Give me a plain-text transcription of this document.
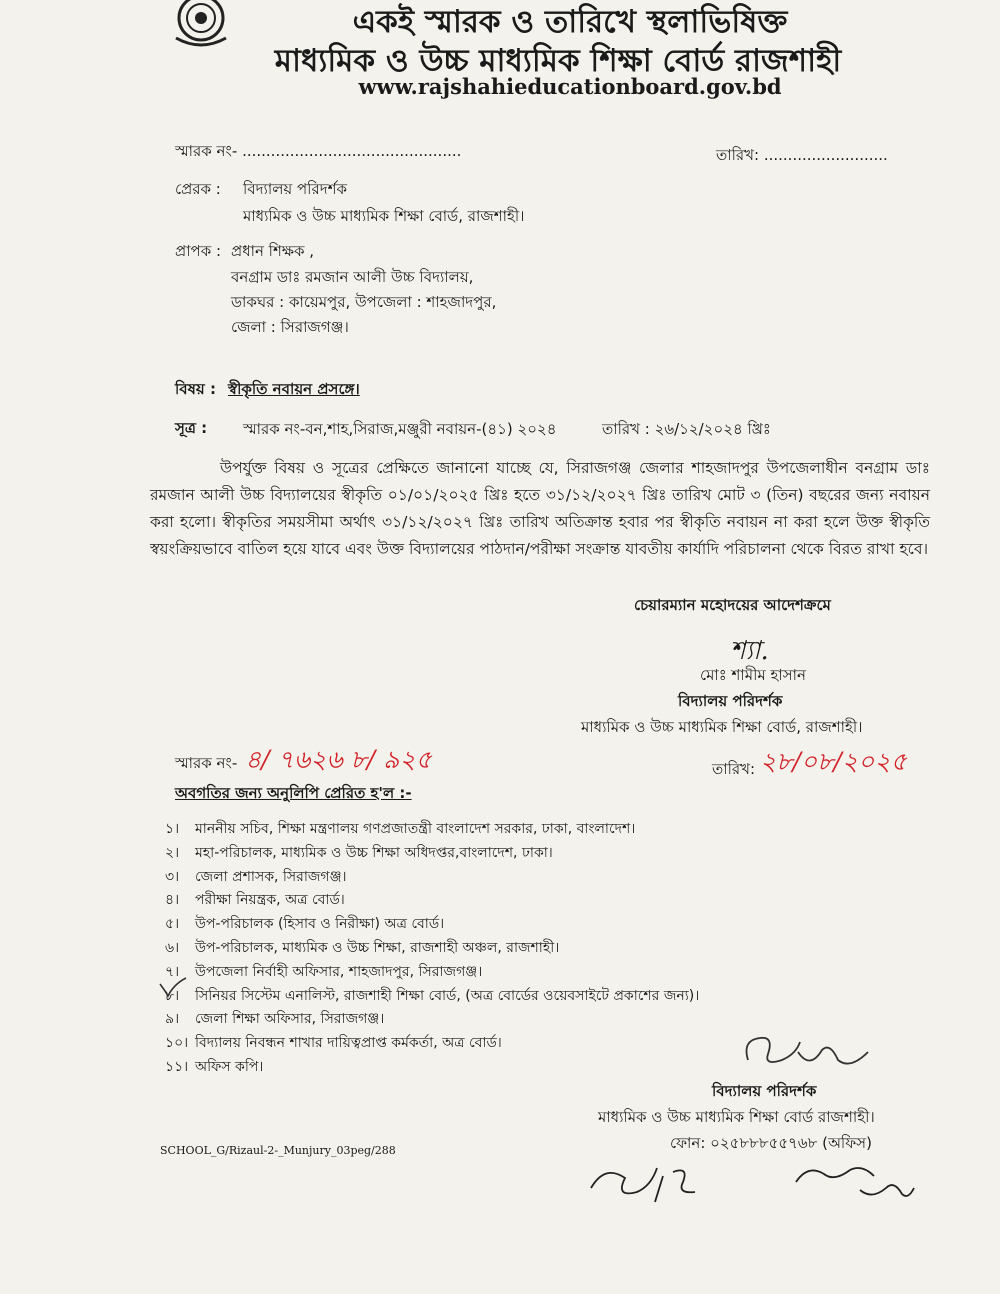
একই স্মারক ও তারিখে স্থলাভিষিক্ত
মাধ্যমিক ও উচ্চ মাধ্যমিক শিক্ষা বোর্ড রাজশাহী
www.rajshahieducationboard.gov.bd
স্মারক নং- ..............................................	তারিখ: ..........................
প্রেরক : বিদ্যালয় পরিদর্শক
মাধ্যমিক ও উচ্চ মাধ্যমিক শিক্ষা বোর্ড, রাজশাহী।
প্রাপক : প্রধান শিক্ষক ,
বনগ্রাম ডাঃ রমজান আলী উচ্চ বিদ্যালয়,
ডাকঘর : কায়েমপুর, উপজেলা : শাহজাদপুর,
জেলা : সিরাজগঞ্জ।
বিষয় : স্বীকৃতি নবায়ন প্রসঙ্গে।
সূত্র : স্মারক নং-বন,শাহ,সিরাজ,মঞ্জুরী নবায়ন-(৪১) ২০২৪	তারিখ : ২৬/১২/২০২৪ খ্রিঃ
উপর্যুক্ত বিষয় ও সূত্রের প্রেক্ষিতে জানানো যাচ্ছে যে, সিরাজগঞ্জ জেলার শাহজাদপুর উপজেলাধীন বনগ্রাম ডাঃ রমজান আলী উচ্চ বিদ্যালয়ের স্বীকৃতি ০১/০১/২০২৫ খ্রিঃ হতে ৩১/১২/২০২৭ খ্রিঃ তারিখ মোট ৩ (তিন) বছরের জন্য নবায়ন করা হলো। স্বীকৃতির সময়সীমা অর্থাৎ ৩১/১২/২০২৭ খ্রিঃ তারিখ অতিক্রান্ত হবার পর স্বীকৃতি নবায়ন না করা হলে উক্ত স্বীকৃতি স্বয়ংক্রিয়ভাবে বাতিল হয়ে যাবে এবং উক্ত বিদ্যালয়ের পাঠদান/পরীক্ষা সংক্রান্ত যাবতীয় কার্যাদি পরিচালনা থেকে বিরত রাখা হবে।
চেয়ারম্যান মহোদয়ের আদেশক্রমে
শ্যা.
মোঃ শামীম হাসান
বিদ্যালয় পরিদর্শক
মাধ্যমিক ও উচ্চ মাধ্যমিক শিক্ষা বোর্ড, রাজশাহী।
স্মারক নং- ৪/ ৭৬২৬ ৮/ ৯২৫	তারিখ: ২৮/০৮/২০২৫
অবগতির জন্য অনুলিপি প্রেরিত হ'ল :-
১। মাননীয় সচিব, শিক্ষা মন্ত্রণালয় গণপ্রজাতন্ত্রী বাংলাদেশ সরকার, ঢাকা, বাংলাদেশ।
২। মহা-পরিচালক, মাধ্যমিক ও উচ্চ শিক্ষা অধিদপ্তর,বাংলাদেশ, ঢাকা।
৩। জেলা প্রশাসক, সিরাজগঞ্জ।
৪। পরীক্ষা নিয়ন্ত্রক, অত্র বোর্ড।
৫। উপ-পরিচালক (হিসাব ও নিরীক্ষা) অত্র বোর্ড।
৬। উপ-পরিচালক, মাধ্যমিক ও উচ্চ শিক্ষা, রাজশাহী অঞ্চল, রাজশাহী।
৭। উপজেলা নির্বাহী অফিসার, শাহজাদপুর, সিরাজগঞ্জ।
৮। সিনিয়র সিস্টেম এনালিস্ট, রাজশাহী শিক্ষা বোর্ড, (অত্র বোর্ডের ওয়েবসাইটে প্রকাশের জন্য)।
৯। জেলা শিক্ষা অফিসার, সিরাজগঞ্জ।
১০। বিদ্যালয় নিবন্ধন শাখার দায়িত্বপ্রাপ্ত কর্মকর্তা, অত্র বোর্ড।
১১। অফিস কপি।
বিদ্যালয় পরিদর্শক
মাধ্যমিক ও উচ্চ মাধ্যমিক শিক্ষা বোর্ড রাজশাহী।
ফোন: ০২৫৮৮৮৫৫৭৬৮ (অফিস)
SCHOOL_G/Rizaul-2-_Munjury_03peg/288
